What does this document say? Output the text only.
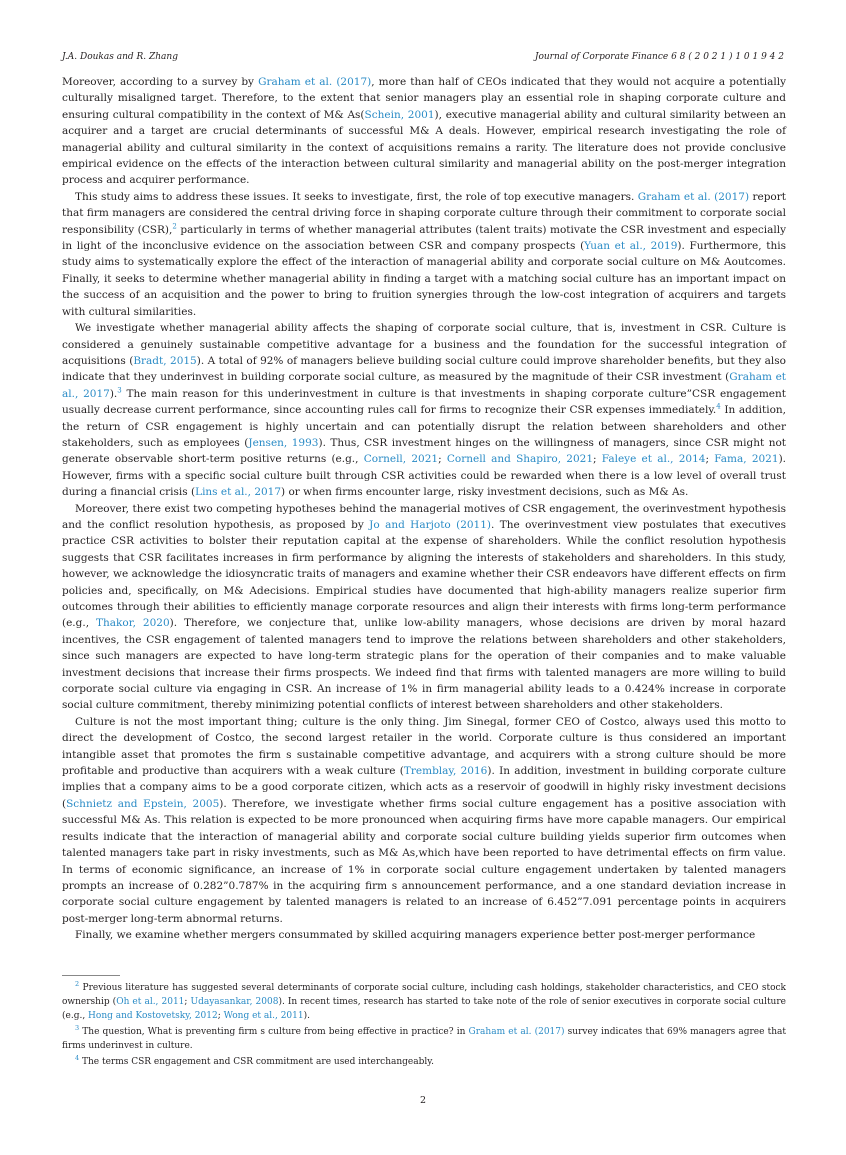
J.A. Doukas and R. Zhang	Journal of Corporate Finance 6 8 ( 2 0 2 1 ) 1 0 1 9 4 2

Moreover, according to a survey by Graham et al. (2017), more than half of CEOs indicated that they would not acquire a potentially culturally misaligned target. Therefore, to the extent that senior managers play an essential role in shaping corporate culture and ensuring cultural compatibility in the context of M& As(Schein, 2001), executive managerial ability and cultural similarity between an acquirer and a target are crucial determinants of successful M& A deals. However, empirical research investigating the role of managerial ability and cultural similarity in the context of acquisitions remains a rarity. The literature does not provide conclusive empirical evidence on the effects of the interaction between cultural similarity and managerial ability on the post-merger integration process and acquirer performance.

This study aims to address these issues. It seeks to investigate, first, the role of top executive managers. Graham et al. (2017) report that firm managers are considered the central driving force in shaping corporate culture through their commitment to corporate social responsibility (CSR),$^2$ particularly in terms of whether managerial attributes (talent traits) motivate the CSR investment and especially in light of the inconclusive evidence on the association between CSR and company prospects (Yuan et al., 2019). Furthermore, this study aims to systematically explore the effect of the interaction of managerial ability and corporate social culture on M& Aoutcomes. Finally, it seeks to determine whether managerial ability in finding a target with a matching social culture has an important impact on the success of an acquisition and the power to bring to fruition synergies through the low-cost integration of acquirers and targets with cultural similarities.

We investigate whether managerial ability affects the shaping of corporate social culture, that is, investment in CSR. Culture is considered a genuinely sustainable competitive advantage for a business and the foundation for the successful integration of acquisitions (Bradt, 2015). A total of 92% of managers believe building social culture could improve shareholder benefits, but they also indicate that they underinvest in building corporate social culture, as measured by the magnitude of their CSR investment (Graham et al., 2017).$^3$ The main reason for this underinvestment in culture is that investments in shaping corporate culture”CSR engagement usually decrease current performance, since accounting rules call for firms to recognize their CSR expenses immediately.$^4$ In addition, the return of CSR engagement is highly uncertain and can potentially disrupt the relation between shareholders and other stakeholders, such as employees (Jensen, 1993). Thus, CSR investment hinges on the willingness of managers, since CSR might not generate observable short-term positive returns (e.g., Cornell, 2021; Cornell and Shapiro, 2021; Faleye et al., 2014; Fama, 2021). However, firms with a specific social culture built through CSR activities could be rewarded when there is a low level of overall trust during a financial crisis (Lins et al., 2017) or when firms encounter large, risky investment decisions, such as M& As.

Moreover, there exist two competing hypotheses behind the managerial motives of CSR engagement, the overinvestment hypothesis and the conflict resolution hypothesis, as proposed by Jo and Harjoto (2011). The overinvestment view postulates that executives practice CSR activities to bolster their reputation capital at the expense of shareholders. While the conflict resolution hypothesis suggests that CSR facilitates increases in firm performance by aligning the interests of stakeholders and shareholders. In this study, however, we acknowledge the idiosyncratic traits of managers and examine whether their CSR endeavors have different effects on firm policies and, specifically, on M& Adecisions. Empirical studies have documented that high-ability managers realize superior firm outcomes through their abilities to efficiently manage corporate resources and align their interests with firms long-term performance (e.g., Thakor, 2020). Therefore, we conjecture that, unlike low-ability managers, whose decisions are driven by moral hazard incentives, the CSR engagement of talented managers tend to improve the relations between shareholders and other stakeholders, since such managers are expected to have long-term strategic plans for the operation of their companies and to make valuable investment decisions that increase their firms prospects. We indeed find that firms with talented managers are more willing to build corporate social culture via engaging in CSR. An increase of 1% in firm managerial ability leads to a 0.424% increase in corporate social culture commitment, thereby minimizing potential conflicts of interest between shareholders and other stakeholders.

Culture is not the most important thing; culture is the only thing. Jim Sinegal, former CEO of Costco, always used this motto to direct the development of Costco, the second largest retailer in the world. Corporate culture is thus considered an important intangible asset that promotes the firm s sustainable competitive advantage, and acquirers with a strong culture should be more profitable and productive than acquirers with a weak culture (Tremblay, 2016). In addition, investment in building corporate culture implies that a company aims to be a good corporate citizen, which acts as a reservoir of goodwill in highly risky investment decisions (Schnietz and Epstein, 2005). Therefore, we investigate whether firms social culture engagement has a positive association with successful M& As. This relation is expected to be more pronounced when acquiring firms have more capable managers. Our empirical results indicate that the interaction of managerial ability and corporate social culture building yields superior firm outcomes when talented managers take part in risky investments, such as M& As,which have been reported to have detrimental effects on firm value. In terms of economic significance, an increase of 1% in corporate social culture engagement undertaken by talented managers prompts an increase of 0.282”0.787% in the acquiring firm s announcement performance, and a one standard deviation increase in corporate social culture engagement by talented managers is related to an increase of 6.452”7.091 percentage points in acquirers post-merger long-term abnormal returns.

Finally, we examine whether mergers consummated by skilled acquiring managers experience better post-merger performance

$^2$ Previous literature has suggested several determinants of corporate social culture, including cash holdings, stakeholder characteristics, and CEO stock ownership (Oh et al., 2011; Udayasankar, 2008). In recent times, research has started to take note of the role of senior executives in corporate social culture (e.g., Hong and Kostovetsky, 2012; Wong et al., 2011).

$^3$ The question, What is preventing firm s culture from being effective in practice? in Graham et al. (2017) survey indicates that 69% managers agree that firms underinvest in culture.

$^4$ The terms CSR engagement and CSR commitment are used interchangeably.

2
